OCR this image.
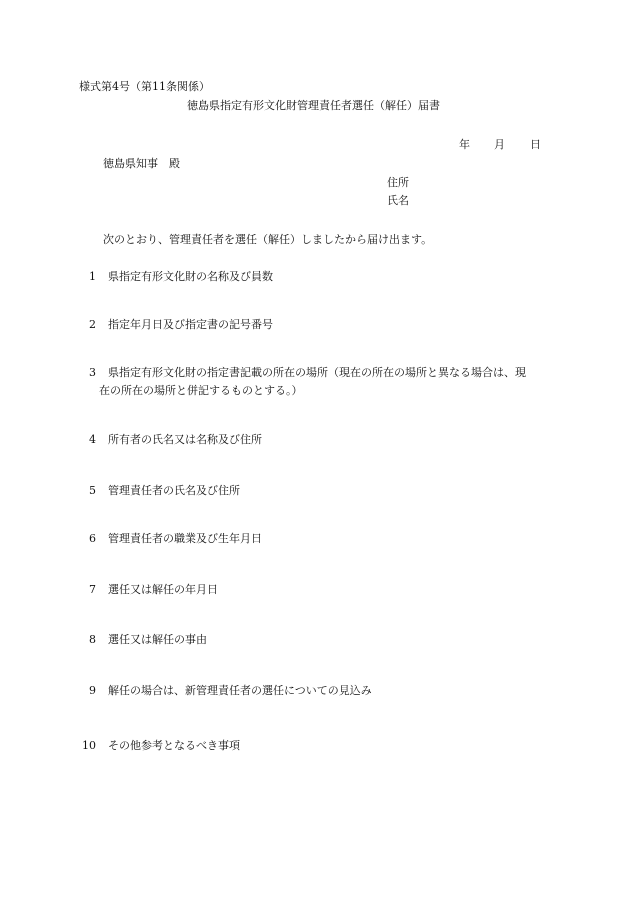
様式第4号（第11条関係）
徳島県指定有形文化財管理責任者選任（解任）届書
年 月 日
徳島県知事　殿
住所
氏名
次のとおり、管理責任者を選任（解任）しましたから届け出ます。
1 県指定有形文化財の名称及び員数
2 指定年月日及び指定書の記号番号
3 県指定有形文化財の指定書記載の所在の場所（現在の所在の場所と異なる場合は、現
在の所在の場所と併記するものとする。）
4 所有者の氏名又は名称及び住所
5 管理責任者の氏名及び住所
6 管理責任者の職業及び生年月日
7 選任又は解任の年月日
8 選任又は解任の事由
9 解任の場合は、新管理責任者の選任についての見込み
10 その他参考となるべき事項
